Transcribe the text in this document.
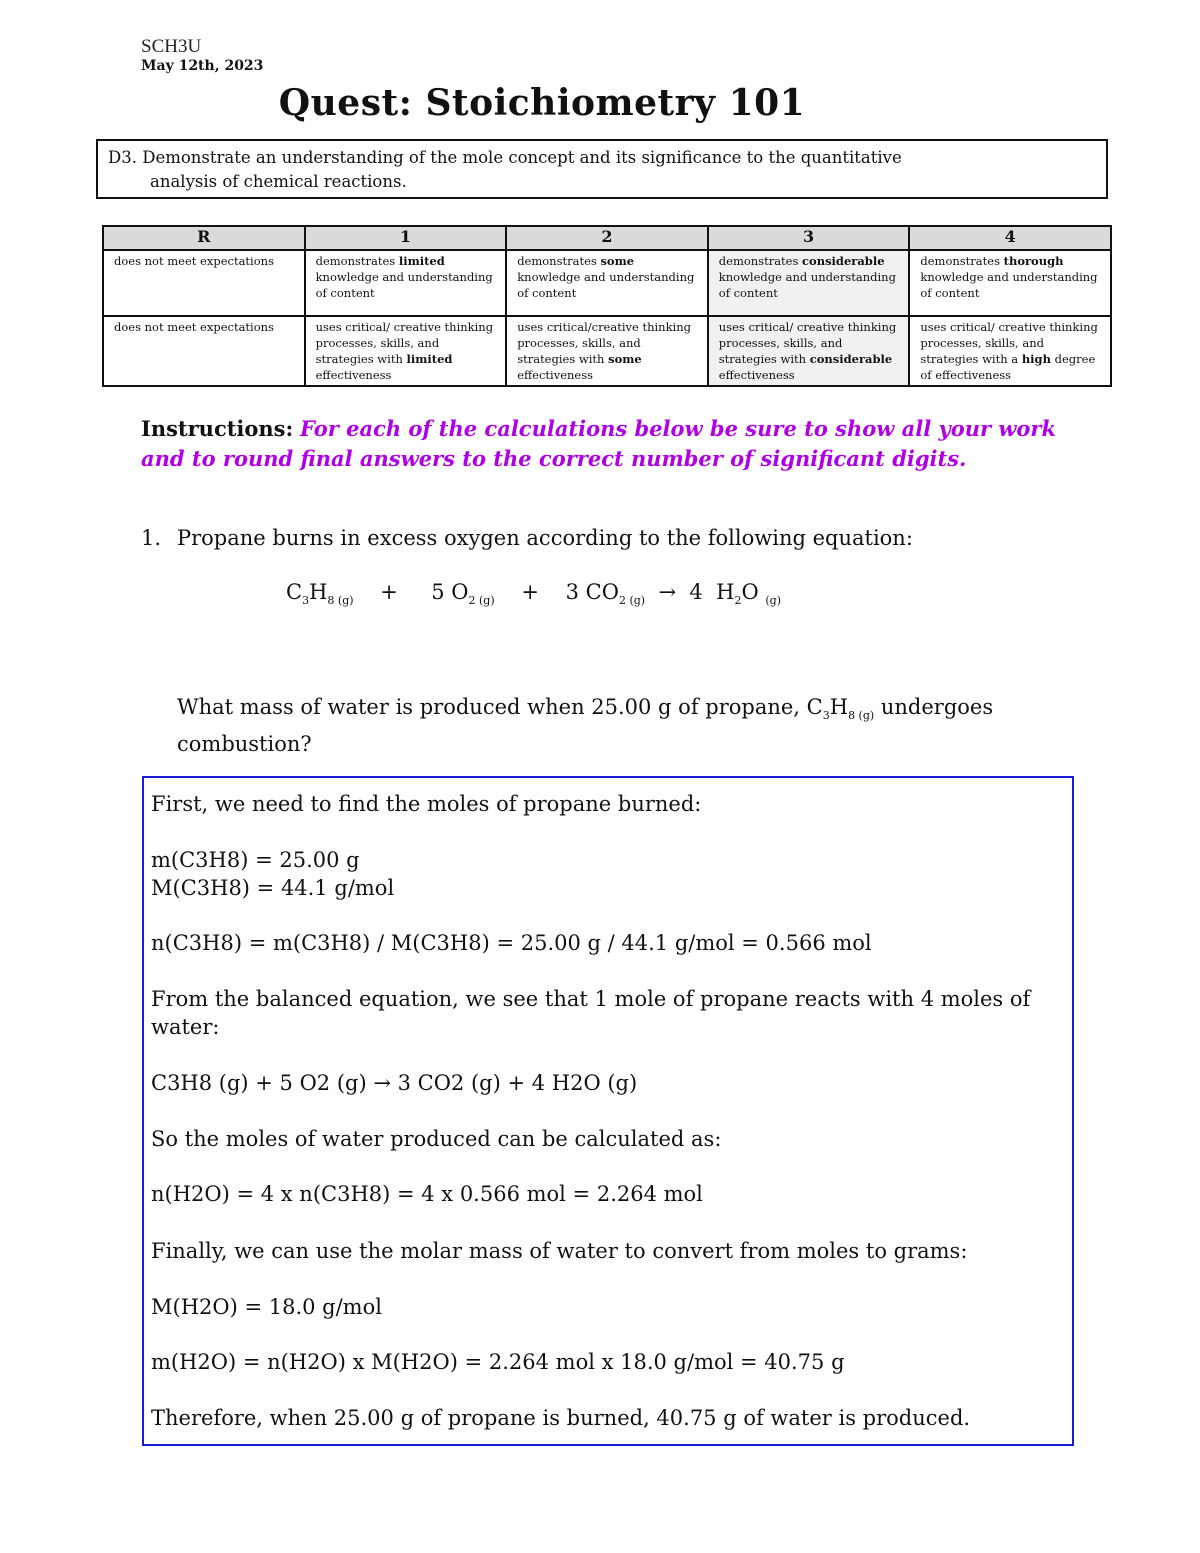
SCH3U
May 12th, 2023
Quest: Stoichiometry 101
D3. Demonstrate an understanding of the mole concept and its significance to the quantitative
analysis of chemical reactions.
R	1	2	3	4
does not meet expectations	demonstrates limited knowledge and understanding of content	demonstrates some knowledge and understanding of content	demonstrates considerable knowledge and understanding of content	demonstrates thorough knowledge and understanding of content
does not meet expectations	uses critical/ creative thinking processes, skills, and strategies with limited effectiveness	uses critical/creative thinking processes, skills, and strategies with some effectiveness	uses critical/ creative thinking processes, skills, and strategies with considerable effectiveness	uses critical/ creative thinking processes, skills, and strategies with a high degree of effectiveness
Instructions: For each of the calculations below be sure to show all your work and to round final answers to the correct number of significant digits.
1. Propane burns in excess oxygen according to the following equation:
$C_3H_{8 (g)} + 5$ $O_{2 (g)} + 3$ $CO_{2 (g)} \to 4$  $H_2O$ $_{(g)}$
What mass of water is produced when 25.00 g of propane, $C_3H_{8 (g)}$ undergoes combustion?
First, we need to find the moles of propane burned:
m(C3H8) = 25.00 g
M(C3H8) = 44.1 g/mol
n(C3H8) = m(C3H8) / M(C3H8) = 25.00 g / 44.1 g/mol = 0.566 mol
From the balanced equation, we see that 1 mole of propane reacts with 4 moles of water:
C3H8 (g) + 5 O2 (g) → 3 CO2 (g) + 4 H2O (g)
So the moles of water produced can be calculated as:
n(H2O) = 4 x n(C3H8) = 4 x 0.566 mol = 2.264 mol
Finally, we can use the molar mass of water to convert from moles to grams:
M(H2O) = 18.0 g/mol
m(H2O) = n(H2O) x M(H2O) = 2.264 mol x 18.0 g/mol = 40.75 g
Therefore, when 25.00 g of propane is burned, 40.75 g of water is produced.
